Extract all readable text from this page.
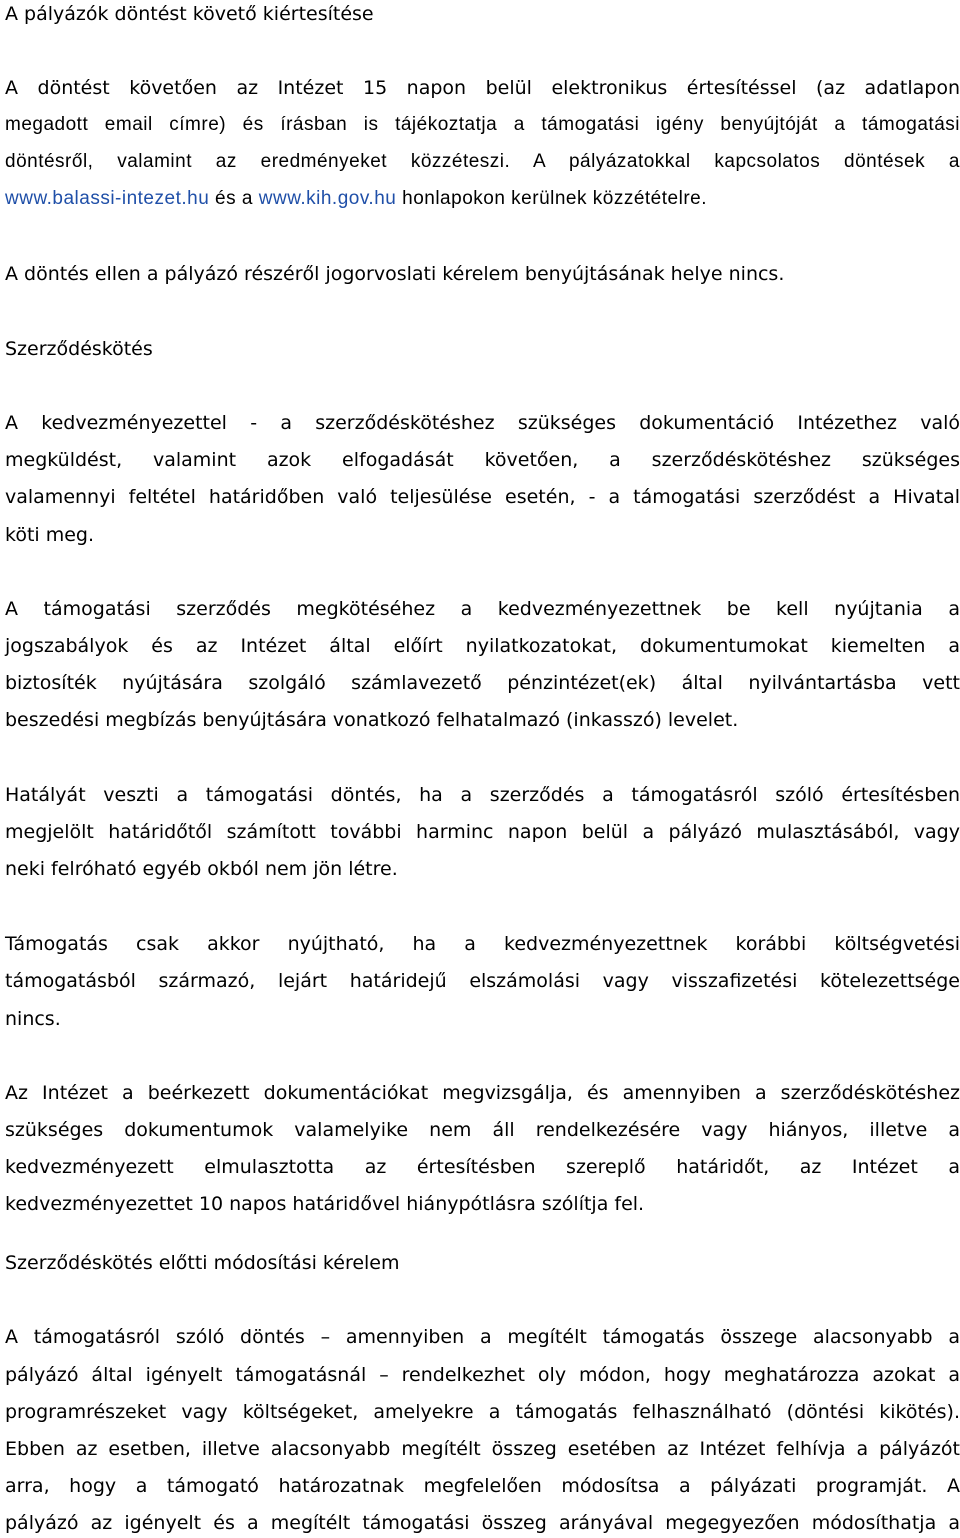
A pályázók döntést követő kiértesítése
A döntést követően az Intézet 15 napon belül elektronikus értesítéssel (az adatlapon
megadott email címre) és írásban is tájékoztatja a támogatási igény benyújtóját a támogatási
döntésről, valamint az eredményeket közzéteszi. A pályázatokkal kapcsolatos döntések a
www.balassi-intezet.hu és a www.kih.gov.hu honlapokon kerülnek közzétételre.
A döntés ellen a pályázó részéről jogorvoslati kérelem benyújtásának helye nincs.
Szerződéskötés
A kedvezményezettel - a szerződéskötéshez szükséges dokumentáció Intézethez való
megküldést, valamint azok elfogadását követően, a szerződéskötéshez szükséges
valamennyi feltétel határidőben való teljesülése esetén, - a támogatási szerződést a Hivatal
köti meg.
A támogatási szerződés megkötéséhez a kedvezményezettnek be kell nyújtania a
jogszabályok és az Intézet által előírt nyilatkozatokat, dokumentumokat kiemelten a
biztosíték nyújtására szolgáló számlavezető pénzintézet(ek) által nyilvántartásba vett
beszedési megbízás benyújtására vonatkozó felhatalmazó (inkasszó) levelet.
Hatályát veszti a támogatási döntés, ha a szerződés a támogatásról szóló értesítésben
megjelölt határidőtől számított további harminc napon belül a pályázó mulasztásából, vagy
neki felróható egyéb okból nem jön létre.
Támogatás csak akkor nyújtható, ha a kedvezményezettnek korábbi költségvetési
támogatásból származó, lejárt határidejű elszámolási vagy visszafizetési kötelezettsége
nincs.
Az Intézet a beérkezett dokumentációkat megvizsgálja, és amennyiben a szerződéskötéshez
szükséges dokumentumok valamelyike nem áll rendelkezésére vagy hiányos, illetve a
kedvezményezett elmulasztotta az értesítésben szereplő határidőt, az Intézet a
kedvezményezettet 10 napos határidővel hiánypótlásra szólítja fel.
Szerződéskötés előtti módosítási kérelem
A támogatásról szóló döntés – amennyiben a megítélt támogatás összege alacsonyabb a
pályázó által igényelt támogatásnál – rendelkezhet oly módon, hogy meghatározza azokat a
programrészeket vagy költségeket, amelyekre a támogatás felhasználható (döntési kikötés).
Ebben az esetben, illetve alacsonyabb megítélt összeg esetében az Intézet felhívja a pályázót
arra, hogy a támogató határozatnak megfelelően módosítsa a pályázati programját. A
pályázó az igényelt és a megítélt támogatási összeg arányával megegyezően módosíthatja a
